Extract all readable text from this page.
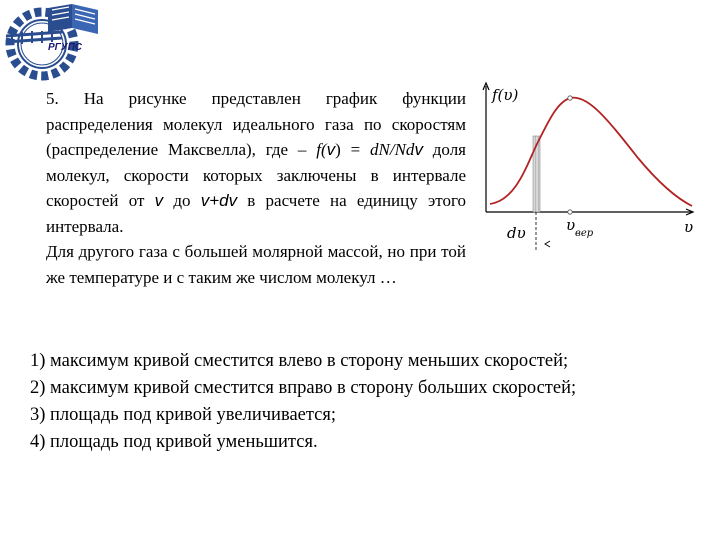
РГУПС

5. На рисунке представлен график функции распределения молекул идеального газа по скоростям (распределение Максвелла), где – f(v) = dN/Ndv доля молекул, скорости которых заключены в интервале скоростей от v до v+dv в расчете на единицу этого интервала.

Для другого газа с большей молярной массой, но при той же температуре и с таким же числом молекул …

f(υ)
dυ	υ
υ вер
1) максимум кривой сместится влево в сторону меньших скоростей;
2) максимум кривой сместится вправо в сторону больших скоростей;
3) площадь под кривой увеличивается;
4) площадь под кривой уменьшится.
